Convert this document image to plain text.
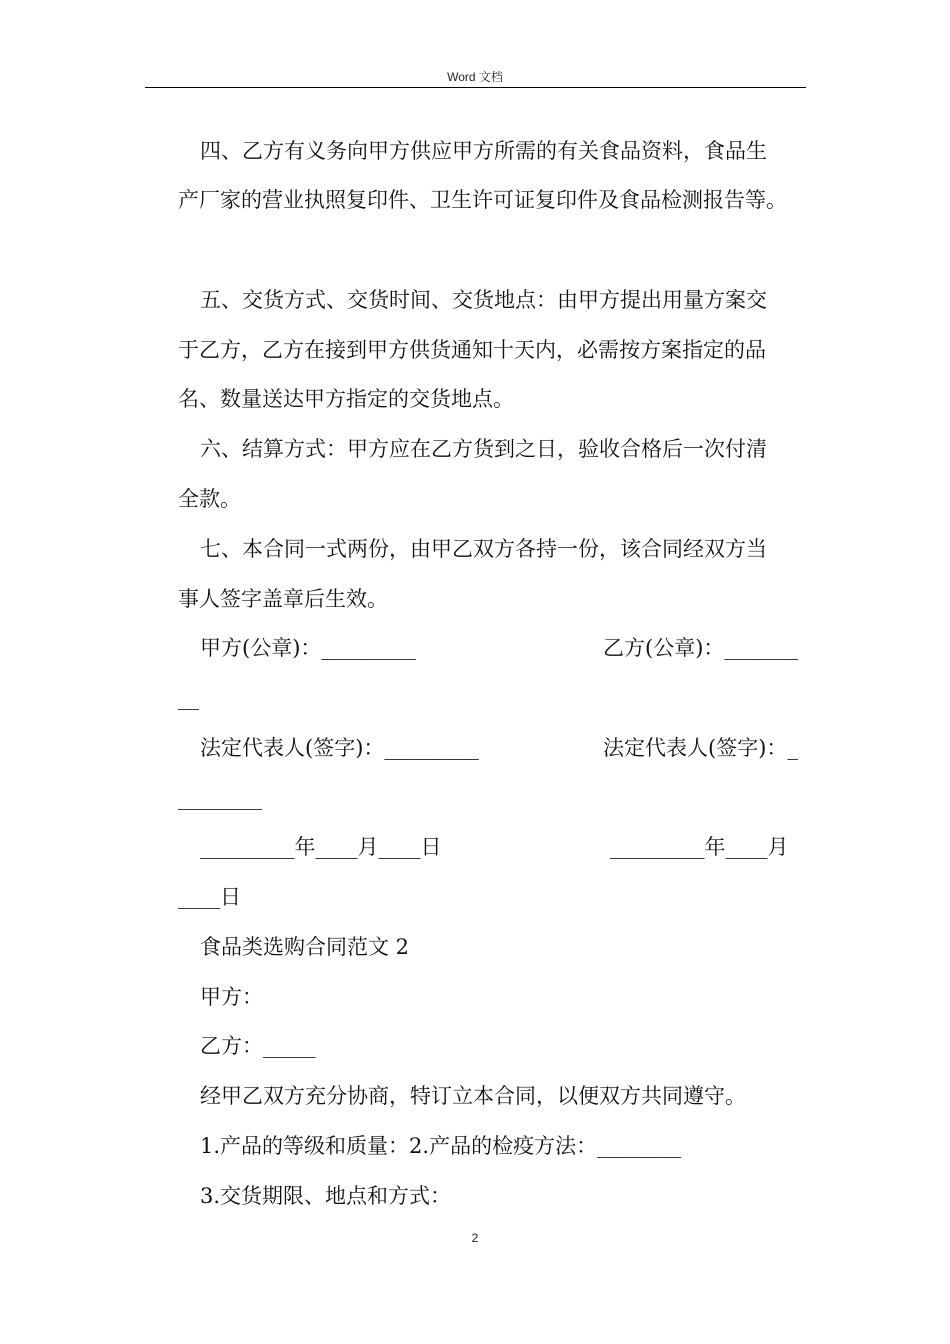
Word 文档
四、乙方有义务向甲方供应甲方所需的有关食品资料，食品生
产厂家的营业执照复印件、卫生许可证复印件及食品检测报告等。
五、交货方式、交货时间、交货地点：由甲方提出用量方案交
于乙方，乙方在接到甲方供货通知十天内，必需按方案指定的品
名、数量送达甲方指定的交货地点。
六、结算方式：甲方应在乙方货到之日，验收合格后一次付清
全款。
七、本合同一式两份，由甲乙双方各持一份，该合同经双方当
事人签字盖章后生效。
甲方(公章)：_________	乙方(公章)：_______
__
法定代表人(签字)：_________	法定代表人(签字)：_
________
_________年____月____日	_________年____月
____日
食品类选购合同范文 2
甲方：
乙方：_____
经甲乙双方充分协商，特订立本合同，以便双方共同遵守。
1.产品的等级和质量：2.产品的检疫方法：________
3.交货期限、地点和方式：
2
